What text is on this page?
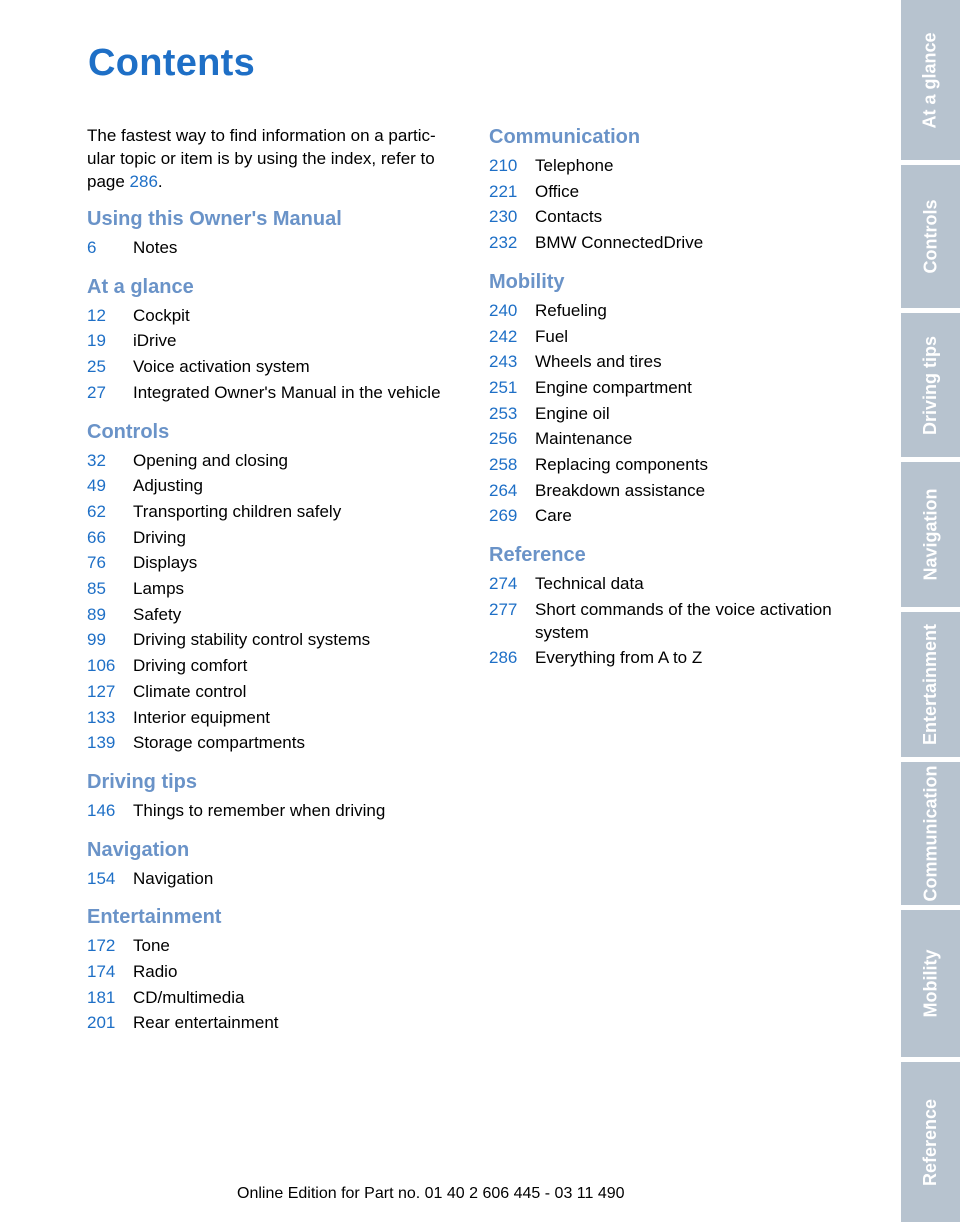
Contents

The fastest way to find information on a partic-ular topic or item is by using the index, refer to page 286.

Using this Owner's Manual
6	Notes
At a glance
12	Cockpit
19	iDrive
25	Voice activation system
27	Integrated Owner's Manual in the vehicle
Controls
32	Opening and closing
49	Adjusting
62	Transporting children safely
66	Driving
76	Displays
85	Lamps
89	Safety
99	Driving stability control systems
106	Driving comfort
127	Climate control
133	Interior equipment
139	Storage compartments
Driving tips
146	Things to remember when driving
Navigation
154	Navigation
Entertainment
172	Tone
174	Radio
181	CD/multimedia
201	Rear entertainment
Communication
210	Telephone
221	Office
230	Contacts
232	BMW ConnectedDrive
Mobility
240	Refueling
242	Fuel
243	Wheels and tires
251	Engine compartment
253	Engine oil
256	Maintenance
258	Replacing components
264	Breakdown assistance
269	Care
Reference
274	Technical data
277	Short commands of the voice activation system
286	Everything from A to Z
At a glance
Controls
Driving tips
Navigation
Entertainment
Communication
Mobility
Reference
Online Edition for Part no. 01 40 2 606 445 - 03 11 490
